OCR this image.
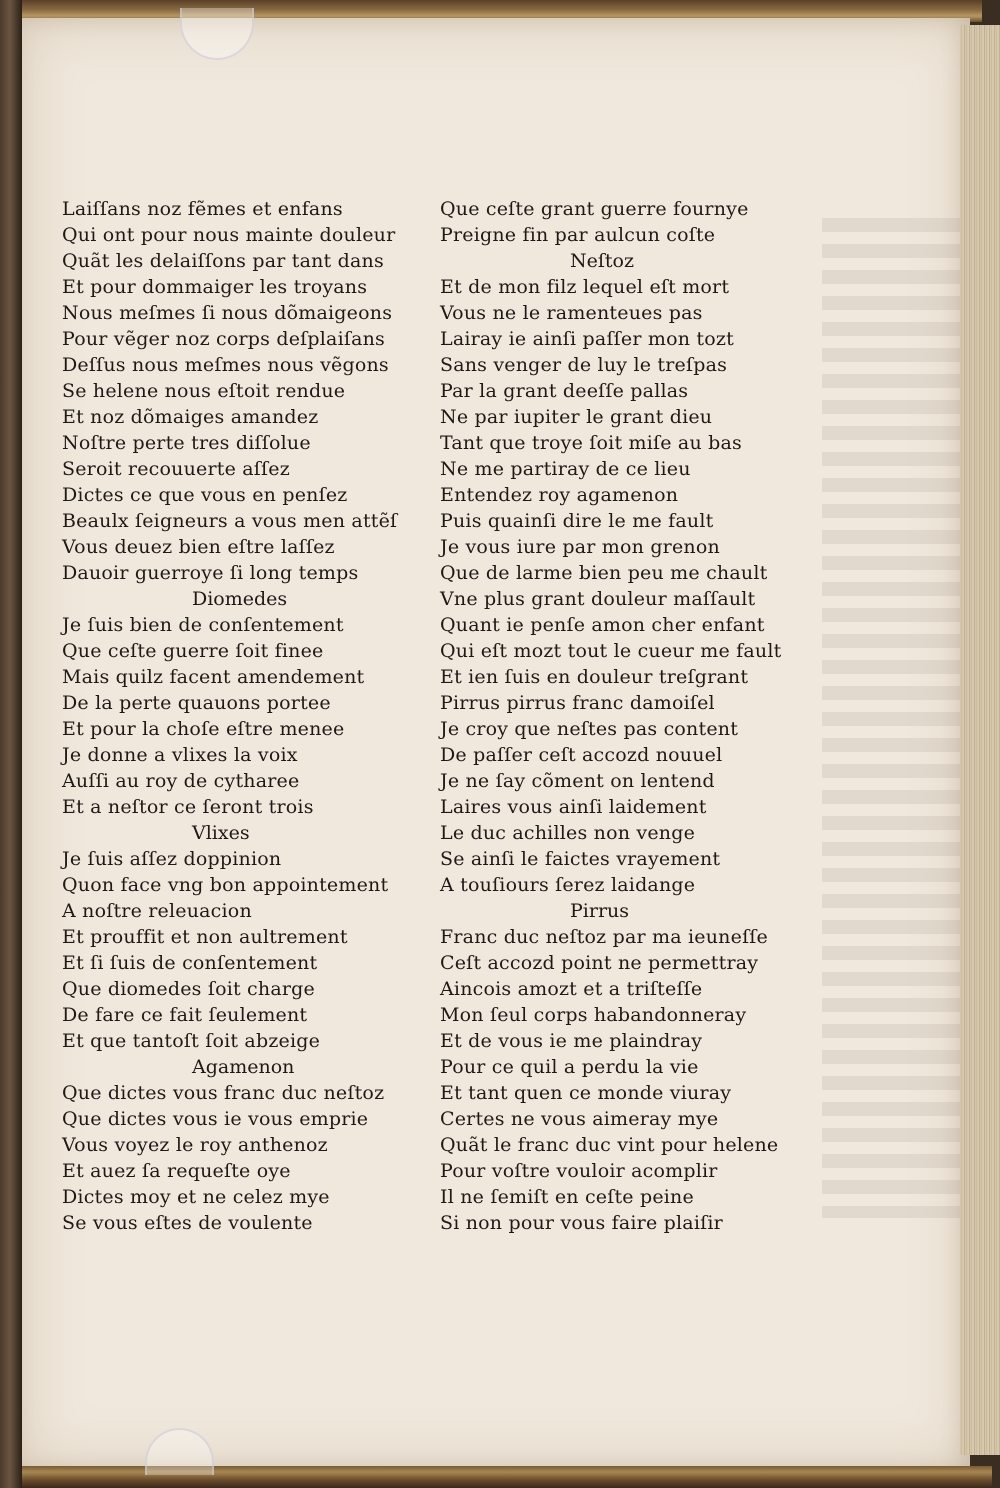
Laiſſans noz fẽmes et enfans
Qui ont pour nous mainte douleur
Quãt les delaiſſons par tant dans
Et pour dommaiger les troyans
Nous meſmes ſi nous dõmaigeons
Pour vẽger noz corps deſplaiſans
Deſſus nous meſmes nous vẽgons
Se helene nous eſtoit rendue
Et noz dõmaiges amandez
Noſtre perte tres diſſolue
Seroit recouuerte aſſez
Dictes ce que vous en penſez
Beaulx ſeigneurs a vous men attẽſ
Vous deuez bien eſtre laſſez
Dauoir guerroye ſi long temps
Diomedes
Je ſuis bien de conſentement
Que ceſte guerre ſoit finee
Mais quilz facent amendement
De la perte quauons portee
Et pour la choſe eſtre menee
Je donne a vlixes la voix
Auſſi au roy de cytharee
Et a neſtor ce ſeront trois
Vlixes
Je ſuis aſſez doppinion
Quon face vng bon appointement
A noſtre releuacion
Et prouffit et non aultrement
Et ſi ſuis de conſentement
Que diomedes ſoit charge
De fare ce fait ſeulement
Et que tantoſt ſoit abzeige
Agamenon
Que dictes vous franc duc neſtoz
Que dictes vous ie vous emprie
Vous voyez le roy anthenoz
Et auez ſa requeſte oye
Dictes moy et ne celez mye
Se vous eſtes de voulente
Que ceſte grant guerre fournye
Preigne fin par aulcun coſte
Neſtoz
Et de mon filz lequel eſt mort
Vous ne le ramenteues pas
Lairay ie ainſi paſſer mon tozt
Sans venger de luy le treſpas
Par la grant deeſſe pallas
Ne par iupiter le grant dieu
Tant que troye ſoit miſe au bas
Ne me partiray de ce lieu
Entendez roy agamenon
Puis quainſi dire le me fault
Je vous iure par mon grenon
Que de larme bien peu me chault
Vne plus grant douleur maſſault
Quant ie penſe amon cher enfant
Qui eſt mozt tout le cueur me fault
Et ien ſuis en douleur treſgrant
Pirrus pirrus franc damoiſel
Je croy que neſtes pas content
De paſſer ceſt accozd nouuel
Je ne ſay cõment on lentend
Laires vous ainſi laidement
Le duc achilles non venge
Se ainſi le faictes vrayement
A touſiours ſerez laidange
Pirrus
Franc duc neſtoz par ma ieuneſſe
Ceſt accozd point ne permettray
Aincois amozt et a triſteſſe
Mon ſeul corps habandonneray
Et de vous ie me plaindray
Pour ce quil a perdu la vie
Et tant quen ce monde viuray
Certes ne vous aimeray mye
Quãt le franc duc vint pour helene
Pour voſtre vouloir acomplir
Il ne ſemiſt en ceſte peine
Si non pour vous faire plaiſir
